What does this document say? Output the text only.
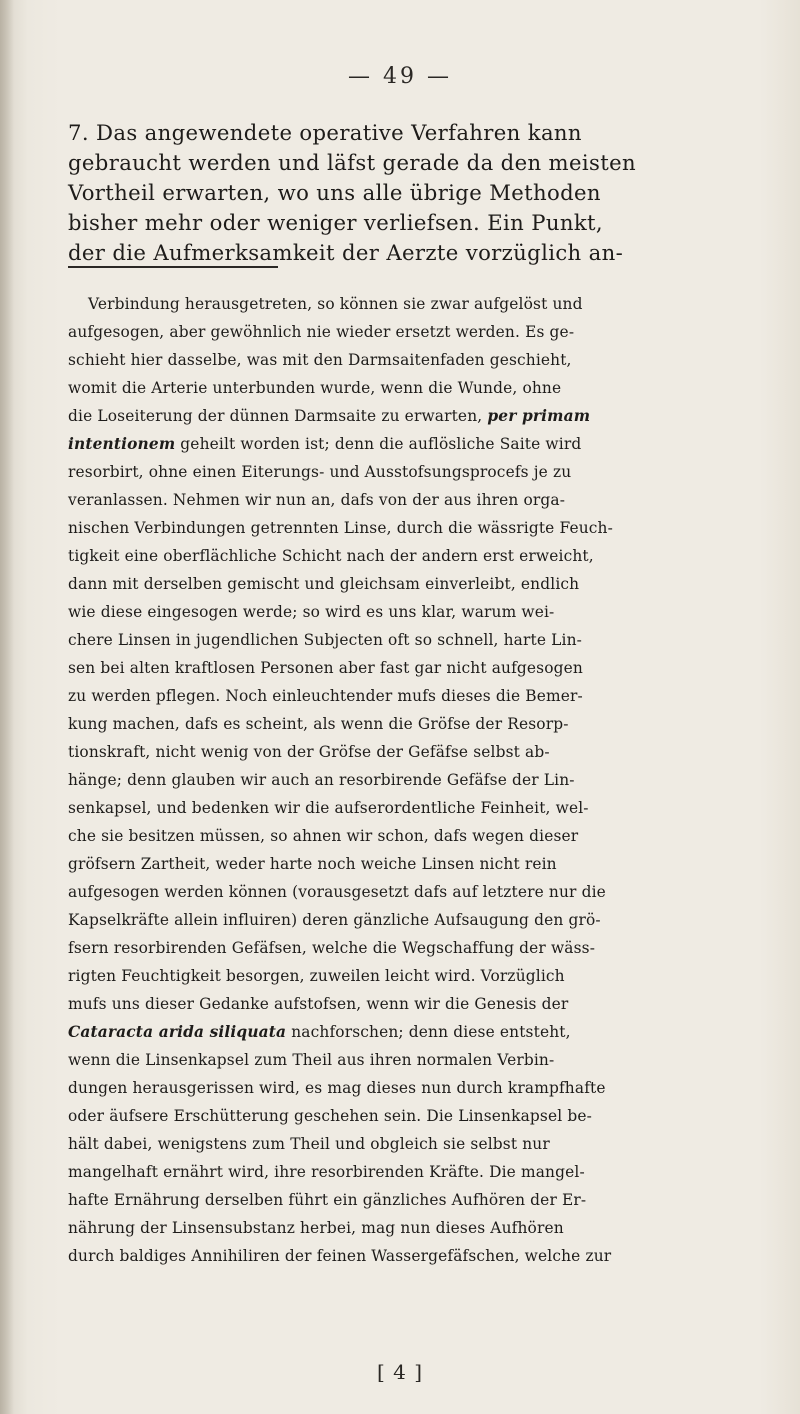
— 49 —

7. Das angewendete operative Verfahren kann
gebraucht werden und läfst gerade da den meisten
Vortheil erwarten, wo uns alle übrige Methoden
bisher mehr oder weniger verliefsen. Ein Punkt,
der die Aufmerksamkeit der Aerzte vorzüglich an-

Verbindung herausgetreten, so können sie zwar aufgelöst und
aufgesogen, aber gewöhnlich nie wieder ersetzt werden. Es ge-
schieht hier dasselbe, was mit den Darmsaitenfaden geschieht,
womit die Arterie unterbunden wurde, wenn die Wunde, ohne
die Loseiterung der dünnen Darmsaite zu erwarten, per primam
intentionem geheilt worden ist; denn die auflösliche Saite wird
resorbirt, ohne einen Eiterungs- und Ausstofsungsprocefs je zu
veranlassen. Nehmen wir nun an, dafs von der aus ihren orga-
nischen Verbindungen getrennten Linse, durch die wässrigte Feuch-
tigkeit eine oberflächliche Schicht nach der andern erst erweicht,
dann mit derselben gemischt und gleichsam einverleibt, endlich
wie diese eingesogen werde; so wird es uns klar, warum wei-
chere Linsen in jugendlichen Subjecten oft so schnell, harte Lin-
sen bei alten kraftlosen Personen aber fast gar nicht aufgesogen
zu werden pflegen. Noch einleuchtender mufs dieses die Bemer-
kung machen, dafs es scheint, als wenn die Gröfse der Resorp-
tionskraft, nicht wenig von der Gröfse der Gefäfse selbst ab-
hänge; denn glauben wir auch an resorbirende Gefäfse der Lin-
senkapsel, und bedenken wir die aufserordentliche Feinheit, wel-
che sie besitzen müssen, so ahnen wir schon, dafs wegen dieser
gröfsern Zartheit, weder harte noch weiche Linsen nicht rein
aufgesogen werden können (vorausgesetzt dafs auf letztere nur die
Kapselkräfte allein influiren) deren gänzliche Aufsaugung den grö-
fsern resorbirenden Gefäfsen, welche die Wegschaffung der wäss-
rigten Feuchtigkeit besorgen, zuweilen leicht wird. Vorzüglich
mufs uns dieser Gedanke aufstofsen, wenn wir die Genesis der
Cataracta arida siliquata nachforschen; denn diese entsteht,
wenn die Linsenkapsel zum Theil aus ihren normalen Verbin-
dungen herausgerissen wird, es mag dieses nun durch krampfhafte
oder äufsere Erschütterung geschehen sein. Die Linsenkapsel be-
hält dabei, wenigstens zum Theil und obgleich sie selbst nur
mangelhaft ernährt wird, ihre resorbirenden Kräfte. Die mangel-
hafte Ernährung derselben führt ein gänzliches Aufhören der Er-
nährung der Linsensubstanz herbei, mag nun dieses Aufhören
durch baldiges Annihiliren der feinen Wassergefäfschen, welche zur

[ 4 ]
